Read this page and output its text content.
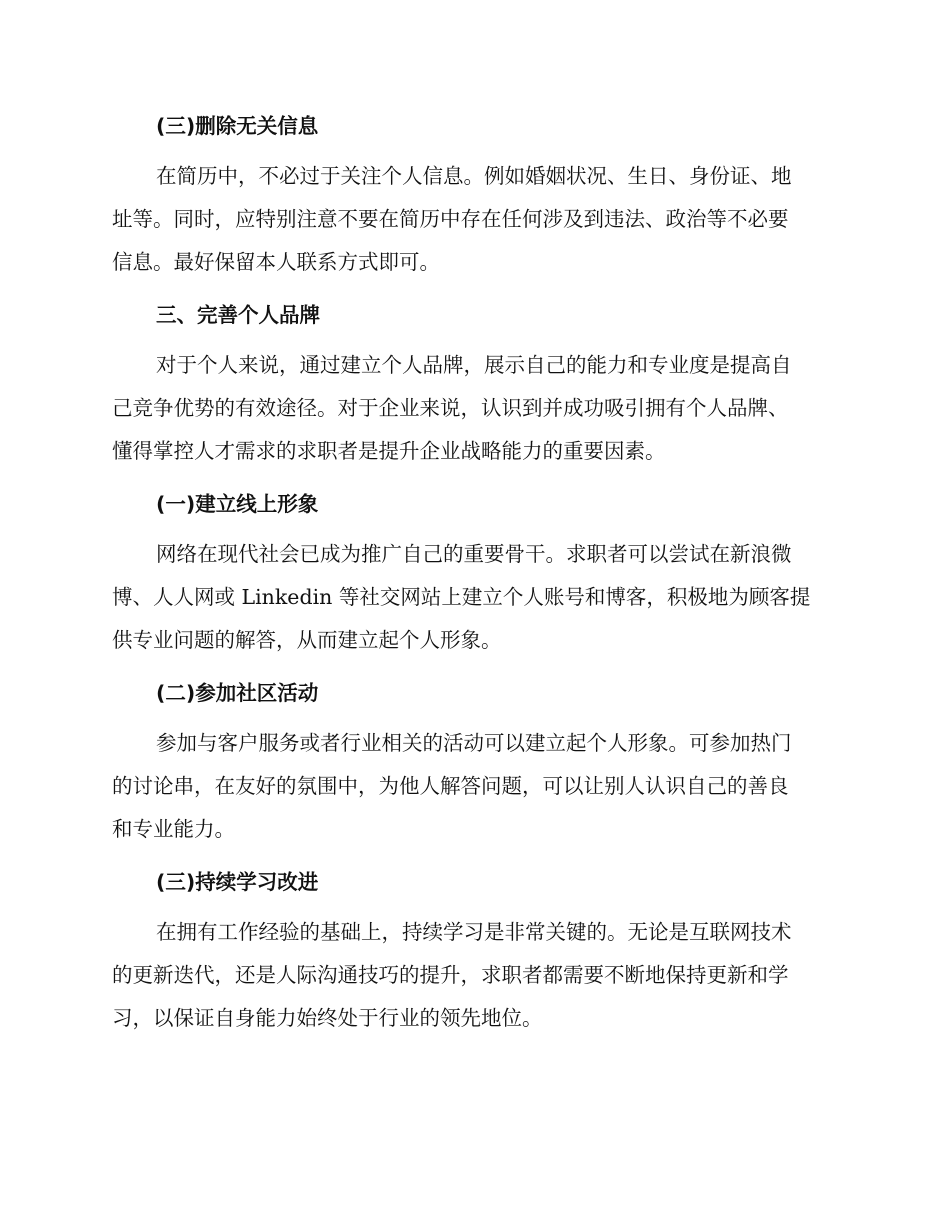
(三)删除无关信息

在简历中，不必过于关注个人信息。例如婚姻状况、生日、身份证、地
址等。同时，应特别注意不要在简历中存在任何涉及到违法、政治等不必要
信息。最好保留本人联系方式即可。

三、完善个人品牌

对于个人来说，通过建立个人品牌，展示自己的能力和专业度是提高自
己竞争优势的有效途径。对于企业来说，认识到并成功吸引拥有个人品牌、
懂得掌控人才需求的求职者是提升企业战略能力的重要因素。

(一)建立线上形象

网络在现代社会已成为推广自己的重要骨干。求职者可以尝试在新浪微
博、人人网或 Linkedin 等社交网站上建立个人账号和博客，积极地为顾客提
供专业问题的解答，从而建立起个人形象。

(二)参加社区活动

参加与客户服务或者行业相关的活动可以建立起个人形象。可参加热门
的讨论串，在友好的氛围中，为他人解答问题，可以让别人认识自己的善良
和专业能力。

(三)持续学习改进

在拥有工作经验的基础上，持续学习是非常关键的。无论是互联网技术
的更新迭代，还是人际沟通技巧的提升，求职者都需要不断地保持更新和学
习，以保证自身能力始终处于行业的领先地位。
